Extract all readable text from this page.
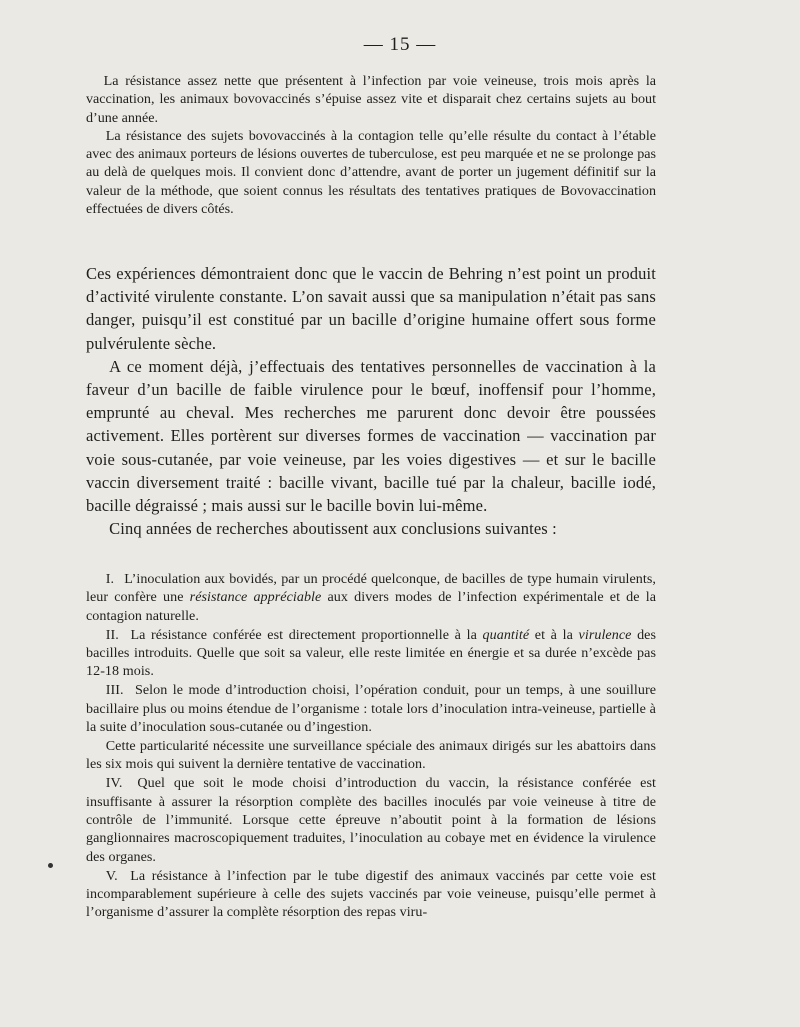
— 15 —

La résistance assez nette que présentent à l’infection par voie veineuse, trois mois après la vaccination, les animaux bovovaccinés s’épuise assez vite et disparait chez certains sujets au bout d’une année.

La résistance des sujets bovovaccinés à la contagion telle qu’elle résulte du contact à l’étable avec des animaux porteurs de lésions ouvertes de tuberculose, est peu marquée et ne se prolonge pas au delà de quelques mois. Il convient donc d’attendre, avant de porter un jugement définitif sur la valeur de la méthode, que soient connus les résultats des tentatives pratiques de Bovovaccination effectuées de divers côtés.

Ces expériences démontraient donc que le vaccin de Behring n’est point un produit d’activité virulente constante. L’on savait aussi que sa manipulation n’était pas sans danger, puisqu’il est constitué par un bacille d’origine humaine offert sous forme pulvérulente sèche.

A ce moment déjà, j’effectuais des tentatives personnelles de vaccination à la faveur d’un bacille de faible virulence pour le bœuf, inoffensif pour l’homme, emprunté au cheval. Mes recherches me parurent donc devoir être poussées activement. Elles portèrent sur diverses formes de vaccination — vaccination par voie sous-cutanée, par voie veineuse, par les voies digestives — et sur le bacille vaccin diversement traité : bacille vivant, bacille tué par la chaleur, bacille iodé, bacille dégraissé ; mais aussi sur le bacille bovin lui-même.

Cinq années de recherches aboutissent aux conclusions suivantes :

I. L’inoculation aux bovidés, par un procédé quelconque, de bacilles de type humain virulents, leur confère une résistance appréciable aux divers modes de l’infection expérimentale et de la contagion naturelle.

II. La résistance conférée est directement proportionnelle à la quantité et à la virulence des bacilles introduits. Quelle que soit sa valeur, elle reste limitée en énergie et sa durée n’excède pas 12-18 mois.

III. Selon le mode d’introduction choisi, l’opération conduit, pour un temps, à une souillure bacillaire plus ou moins étendue de l’organisme : totale lors d’inoculation intra-veineuse, partielle à la suite d’inoculation sous-cutanée ou d’ingestion.

Cette particularité nécessite une surveillance spéciale des animaux dirigés sur les abattoirs dans les six mois qui suivent la dernière tentative de vaccination.

IV. Quel que soit le mode choisi d’introduction du vaccin, la résistance conférée est insuffisante à assurer la résorption complète des bacilles inoculés par voie veineuse à titre de contrôle de l’immunité. Lorsque cette épreuve n’aboutit point à la formation de lésions ganglionnaires macroscopiquement traduites, l’inoculation au cobaye met en évidence la virulence des organes.

V. La résistance à l’infection par le tube digestif des animaux vaccinés par cette voie est incomparablement supérieure à celle des sujets vaccinés par voie veineuse, puisqu’elle permet à l’organisme d’assurer la complète résorption des repas viru-
